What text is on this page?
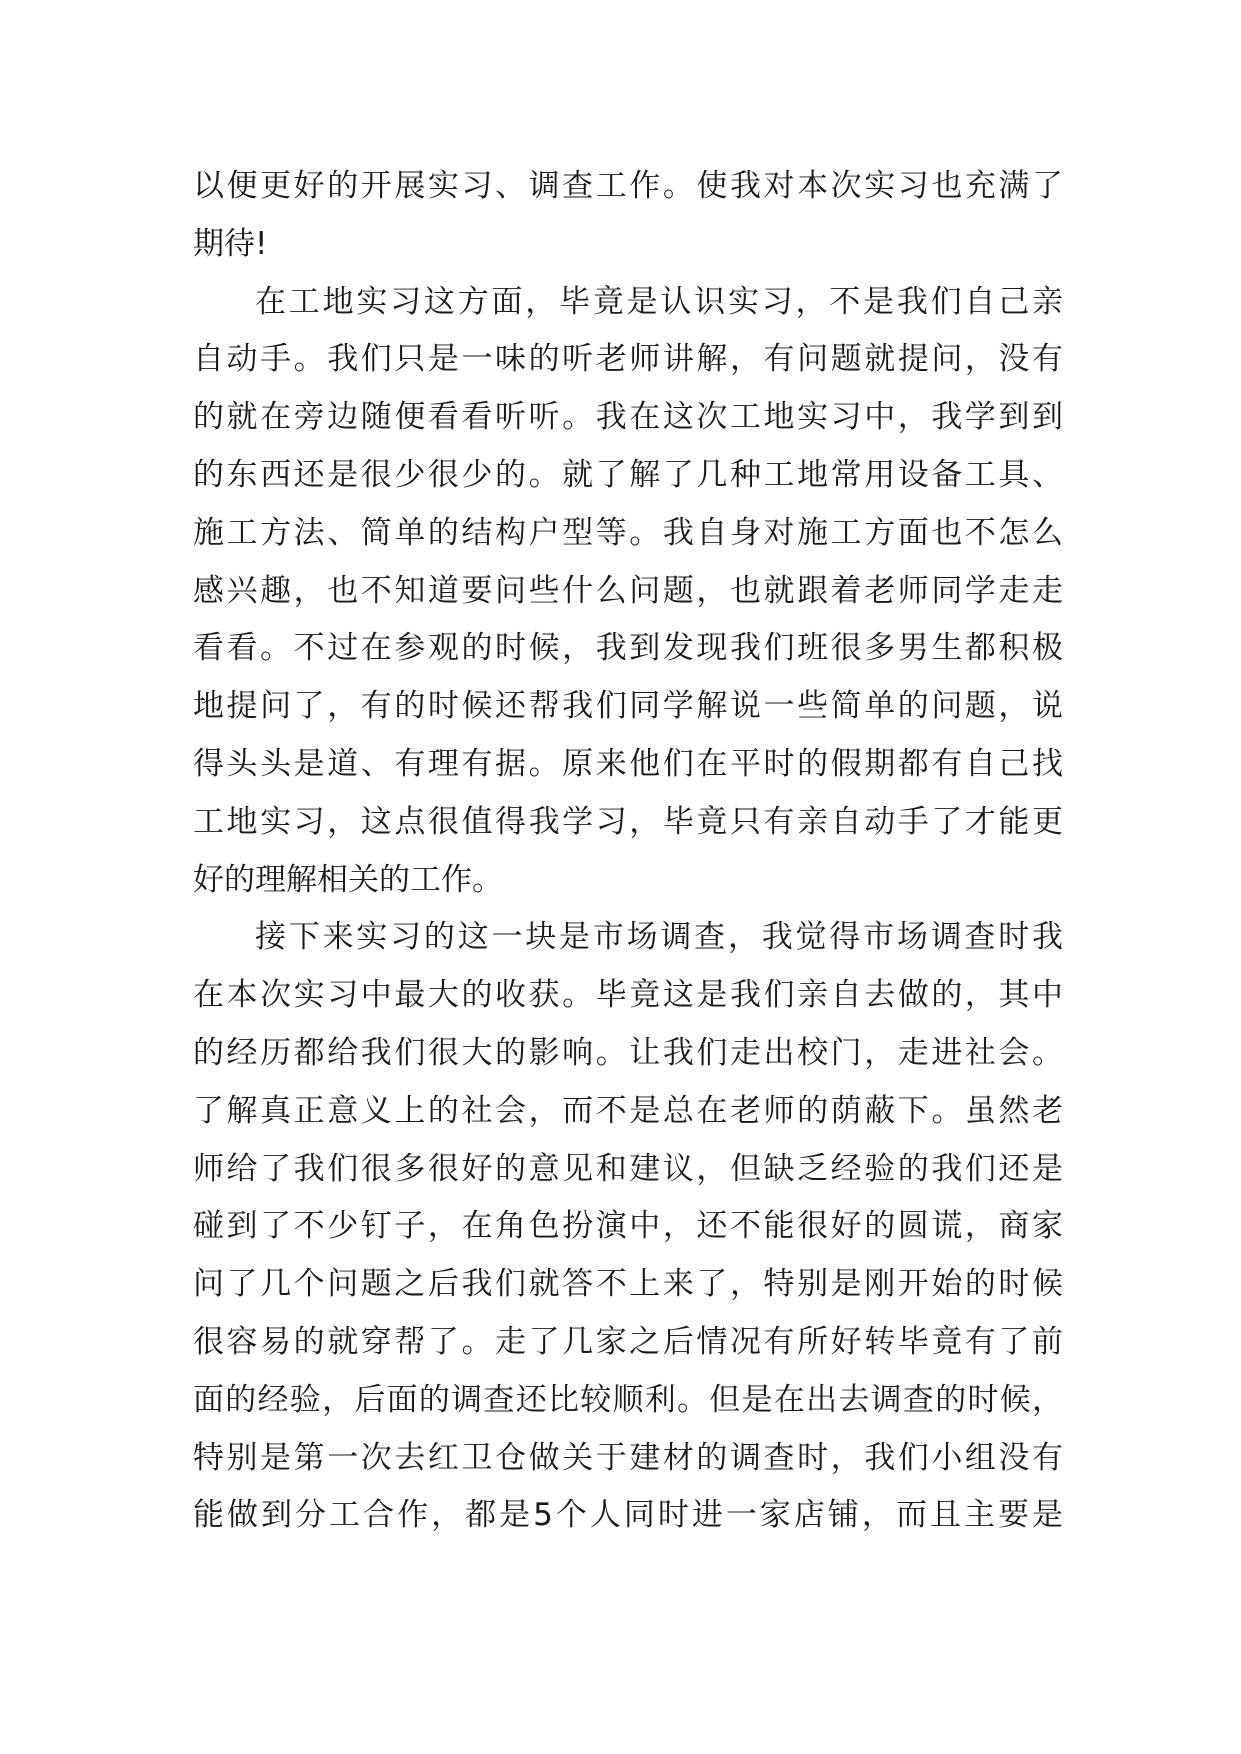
以便更好的开展实习、调查工作。使我对本次实习也充满了
期待!
在工地实习这方面，毕竟是认识实习，不是我们自己亲
自动手。我们只是一味的听老师讲解，有问题就提问，没有
的就在旁边随便看看听听。我在这次工地实习中，我学到到
的东西还是很少很少的。就了解了几种工地常用设备工具、
施工方法、简单的结构户型等。我自身对施工方面也不怎么
感兴趣，也不知道要问些什么问题，也就跟着老师同学走走
看看。不过在参观的时候，我到发现我们班很多男生都积极
地提问了，有的时候还帮我们同学解说一些简单的问题，说
得头头是道、有理有据。原来他们在平时的假期都有自己找
工地实习，这点很值得我学习，毕竟只有亲自动手了才能更
好的理解相关的工作。
接下来实习的这一块是市场调查，我觉得市场调查时我
在本次实习中最大的收获。毕竟这是我们亲自去做的，其中
的经历都给我们很大的影响。让我们走出校门，走进社会。
了解真正意义上的社会，而不是总在老师的荫蔽下。虽然老
师给了我们很多很好的意见和建议，但缺乏经验的我们还是
碰到了不少钉子，在角色扮演中，还不能很好的圆谎，商家
问了几个问题之后我们就答不上来了，特别是刚开始的时候
很容易的就穿帮了。走了几家之后情况有所好转毕竟有了前
面的经验，后面的调查还比较顺利。但是在出去调查的时候，
特别是第一次去红卫仓做关于建材的调查时，我们小组没有
能做到分工合作，都是5个人同时进一家店铺，而且主要是
